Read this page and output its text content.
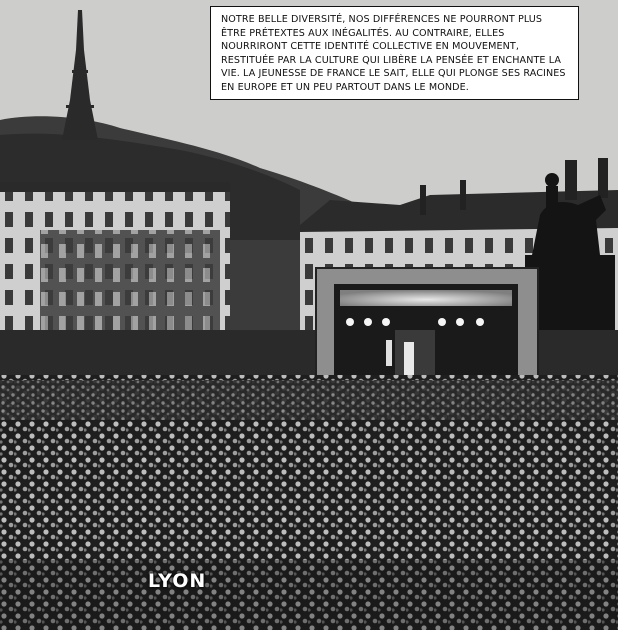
NOTRE BELLE DIVERSITÉ, NOS DIFFÉRENCES NE POURRONT PLUS ÊTRE PRÉTEXTES AUX INÉGALITÉS. AU CONTRAIRE, ELLES NOURRIRONT CETTE IDENTITÉ COLLECTIVE EN MOUVEMENT, RESTITUÉE PAR LA CULTURE QUI LIBÈRE LA PENSÉE ET ENCHANTE LA VIE. LA JEUNESSE DE FRANCE LE SAIT, ELLE QUI PLONGE SES RACINES EN EUROPE ET UN PEU PARTOUT DANS LE MONDE.
LYON
